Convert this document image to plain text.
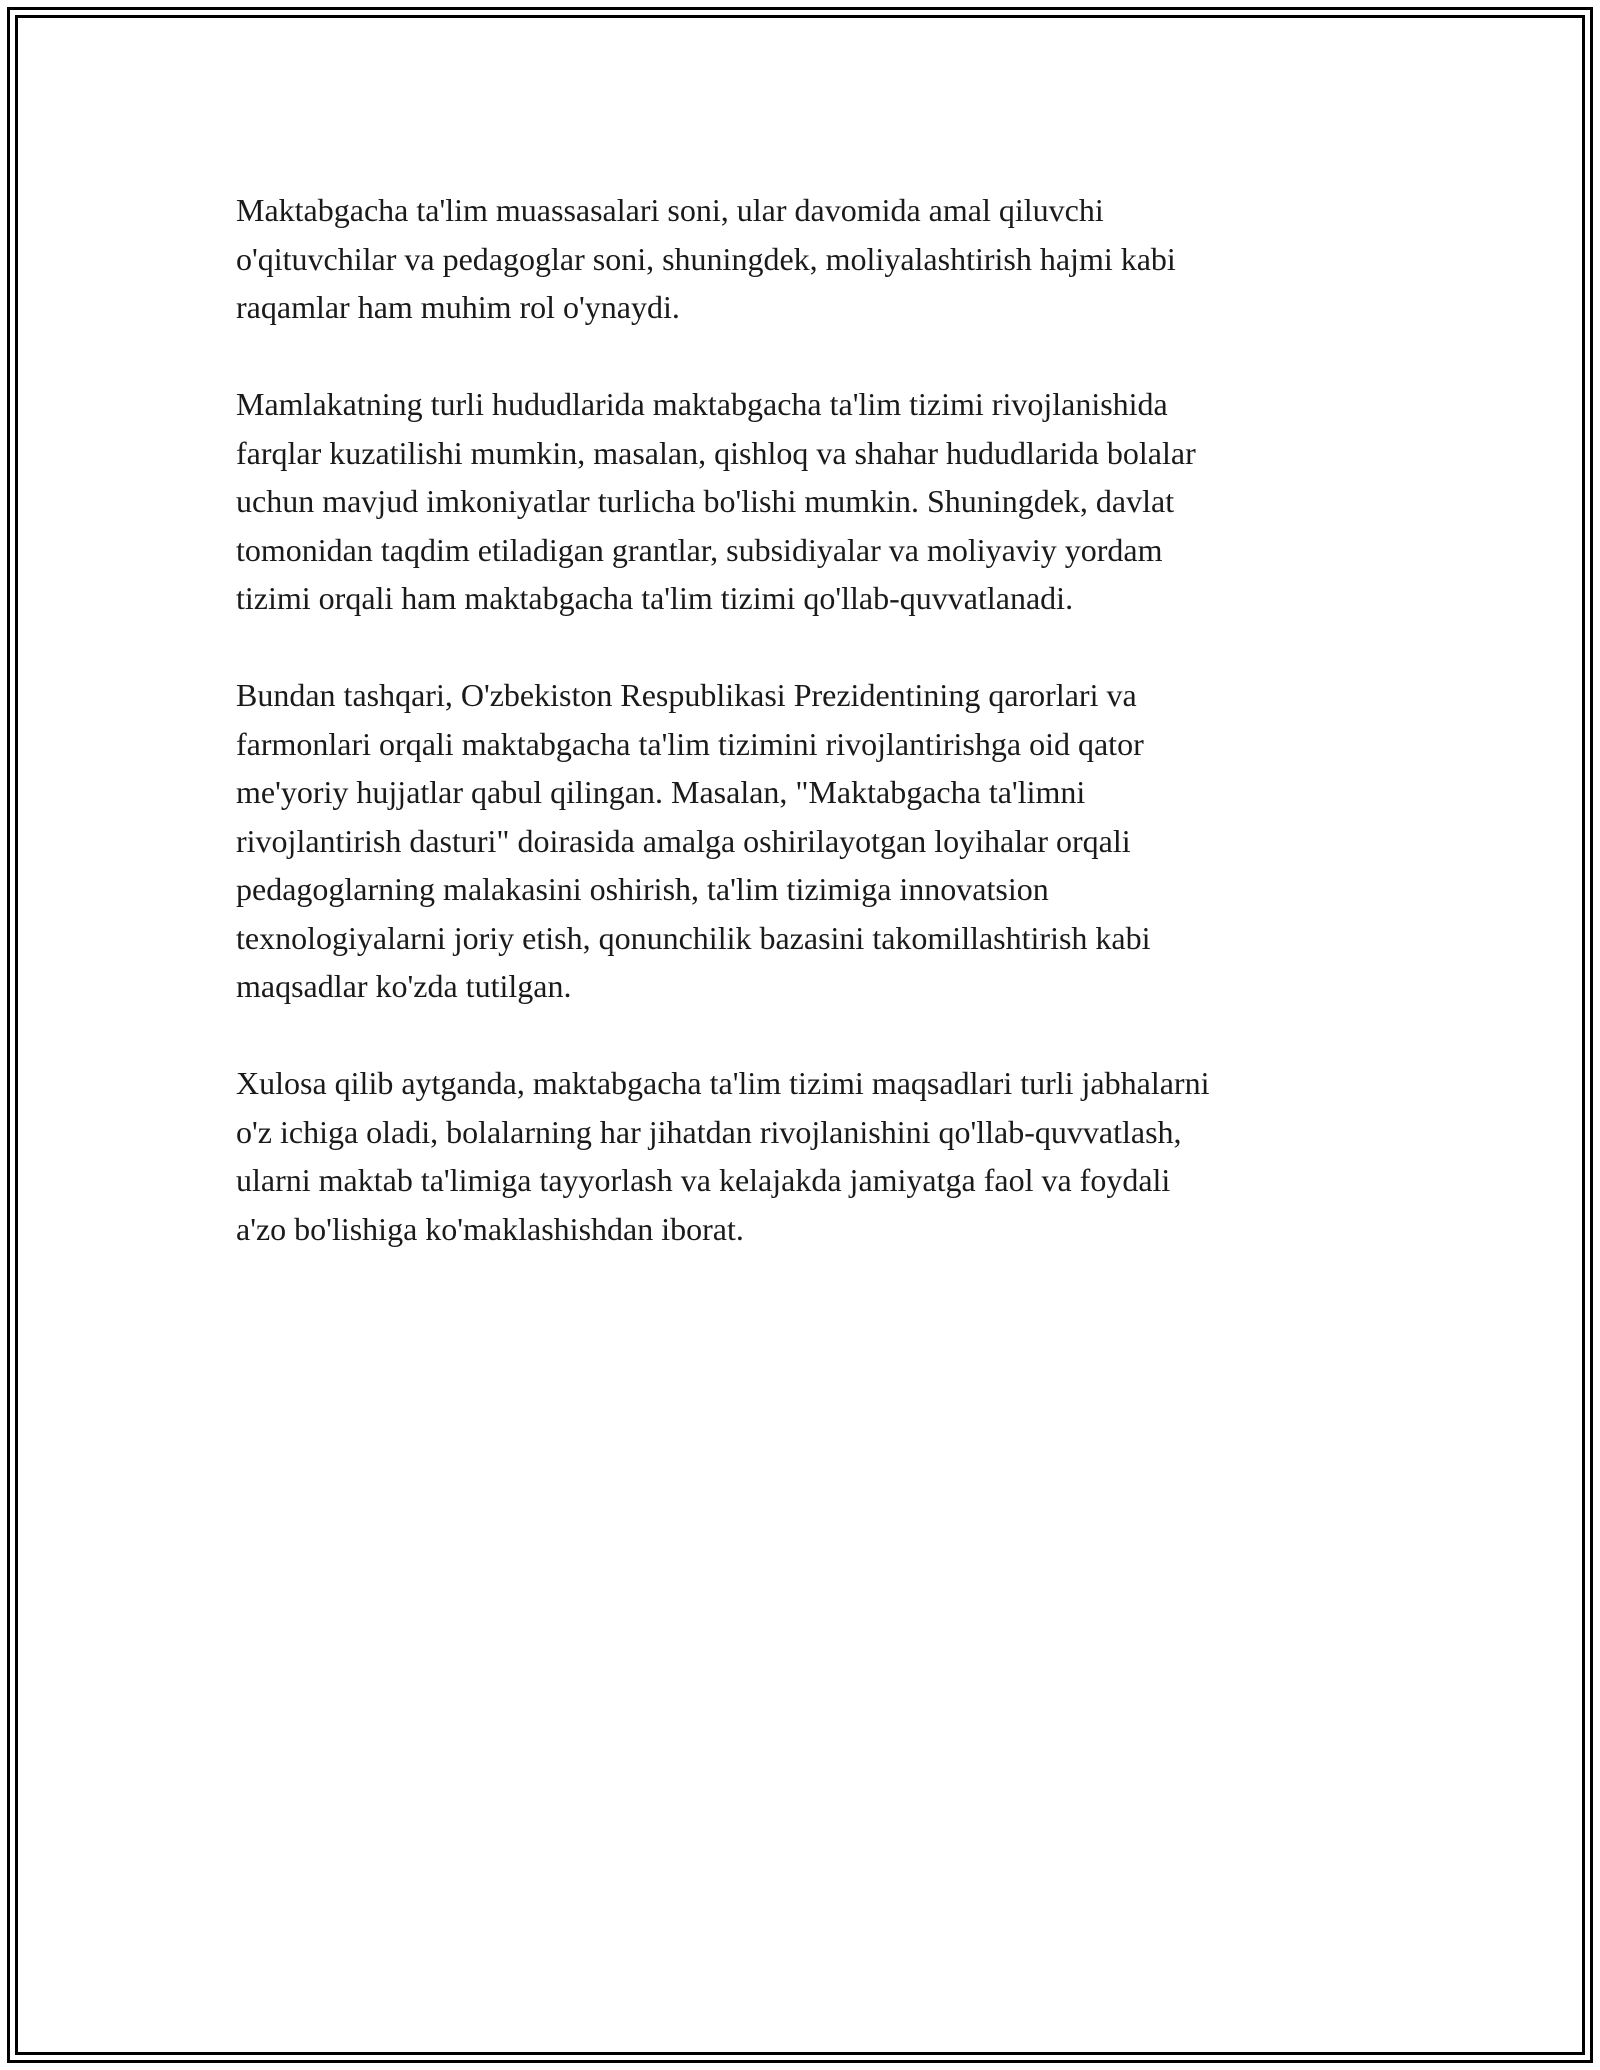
Maktabgacha ta'lim muassasalari soni, ular davomida amal qiluvchi
o'qituvchilar va pedagoglar soni, shuningdek, moliyalashtirish hajmi kabi
raqamlar ham muhim rol o'ynaydi.

Mamlakatning turli hududlarida maktabgacha ta'lim tizimi rivojlanishida
farqlar kuzatilishi mumkin, masalan, qishloq va shahar hududlarida bolalar
uchun mavjud imkoniyatlar turlicha bo'lishi mumkin. Shuningdek, davlat
tomonidan taqdim etiladigan grantlar, subsidiyalar va moliyaviy yordam
tizimi orqali ham maktabgacha ta'lim tizimi qo'llab-quvvatlanadi.

Bundan tashqari, O'zbekiston Respublikasi Prezidentining qarorlari va
farmonlari orqali maktabgacha ta'lim tizimini rivojlantirishga oid qator
me'yoriy hujjatlar qabul qilingan. Masalan, "Maktabgacha ta'limni
rivojlantirish dasturi" doirasida amalga oshirilayotgan loyihalar orqali
pedagoglarning malakasini oshirish, ta'lim tizimiga innovatsion
texnologiyalarni joriy etish, qonunchilik bazasini takomillashtirish kabi
maqsadlar ko'zda tutilgan.

Xulosa qilib aytganda, maktabgacha ta'lim tizimi maqsadlari turli jabhalarni
o'z ichiga oladi, bolalarning har jihatdan rivojlanishini qo'llab-quvvatlash,
ularni maktab ta'limiga tayyorlash va kelajakda jamiyatga faol va foydali
a'zo bo'lishiga ko'maklashishdan iborat.
